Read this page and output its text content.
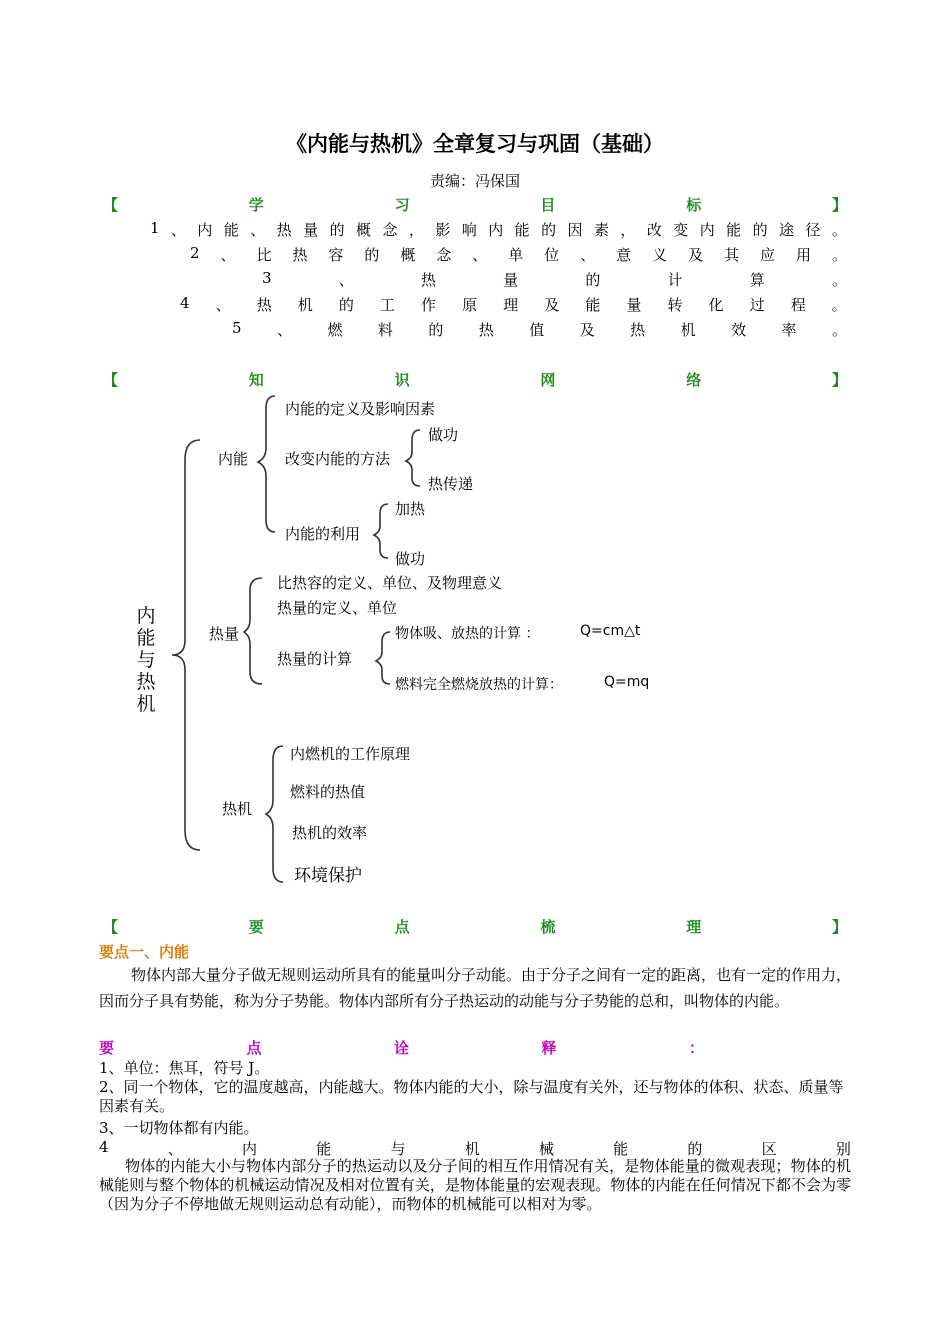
《内能与热机》全章复习与巩固（基础）
责编：冯保国
【	学	习	目	标	】
1 、 内 能 、 热 量 的 概 念 ， 影 响 内 能 的 因 素 ， 改 变 内 能 的 途 径 。
2 、 比 热 容 的 概 念 、 单 位 、 意 义 及 其 应 用 。
3	、	热	量	的	计	算	。
4 、 热 机 的 工 作 原 理 及 能 量 转 化 过 程 。
5 、 燃 料 的 热 值 及 热 机 效 率 。
【	知	识	网	络	】
内能与热机
内能
内能的定义及影响因素
改变内能的方法
做功
热传递
内能的利用
加热
做功
热量
比热容的定义、单位、及物理意义
热量的定义、单位
热量的计算
物体吸、放热的计算 ：	Q=cm△t
燃料完全燃烧放热的计算：	Q=mq
热机
内燃机的工作原理
燃料的热值
热机的效率
环境保护
【	要	点	梳	理	】
要点一、内能
物体内部大量分子做无规则运动所具有的能量叫分子动能。由于分子之间有一定的距离，也有一定的作用力，因而分子具有势能，称为分子势能。物体内部所有分子热运动的动能与分子势能的总和，叫物体的内能。
要	点	诠	释	：
1、单位：焦耳，符号 J。
2、同一个物体，它的温度越高，内能越大。物体内能的大小，除与温度有关外，还与物体的体积、状态、质量等因素有关。
3、一切物体都有内能。
4	、	内	能	与	机	械	能	的	区	别
物体的内能大小与物体内部分子的热运动以及分子间的相互作用情况有关，是物体能量的微观表现；物体的机械能则与整个物体的机械运动情况及相对位置有关，是物体能量的宏观表现。物体的内能在任何情况下都不会为零（因为分子不停地做无规则运动总有动能），而物体的机械能可以相对为零。
